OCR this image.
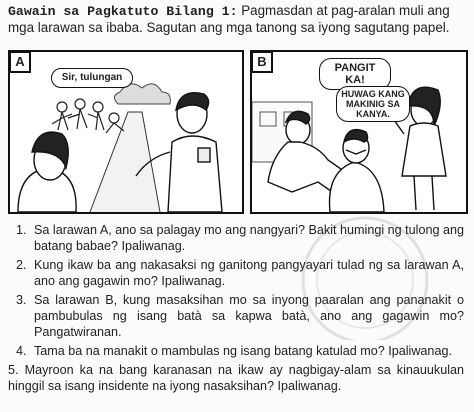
Gawain sa Pagkatuto Bilang 1: Pagmasdan at pag-aralan muli ang mga larawan sa ibaba. Sagutan ang mga tanong sa iyong sagutang papel.
A
Sir, tulungan
B	PANGIT KA!
HUWAG KANG MAKINIG SA KANYA.
1. Sa larawan A, ano sa palagay mo ang nangyari? Bakit humingi ng tulong ang batang babae? Ipaliwanag.
2. Kung ikaw ba ang nakasaksi ng ganitong pangyayari tulad ng sa larawan A, ano ang gagawin mo? Ipaliwanag.
3. Sa larawan B, kung masaksihan mo sa inyong paaralan ang pananakit o pambubulas ng isang batà sa kapwa batà, ano ang gagawin mo? Pangatwiranan.
4. Tama ba na manakit o mambulas ng isang batang katulad mo? Ipaliwanag.
5. Mayroon ka na bang karanasan na ikaw ay nagbigay-alam sa kinauukulan hinggil sa isang insidente na iyong nasaksihan? Ipaliwanag.
